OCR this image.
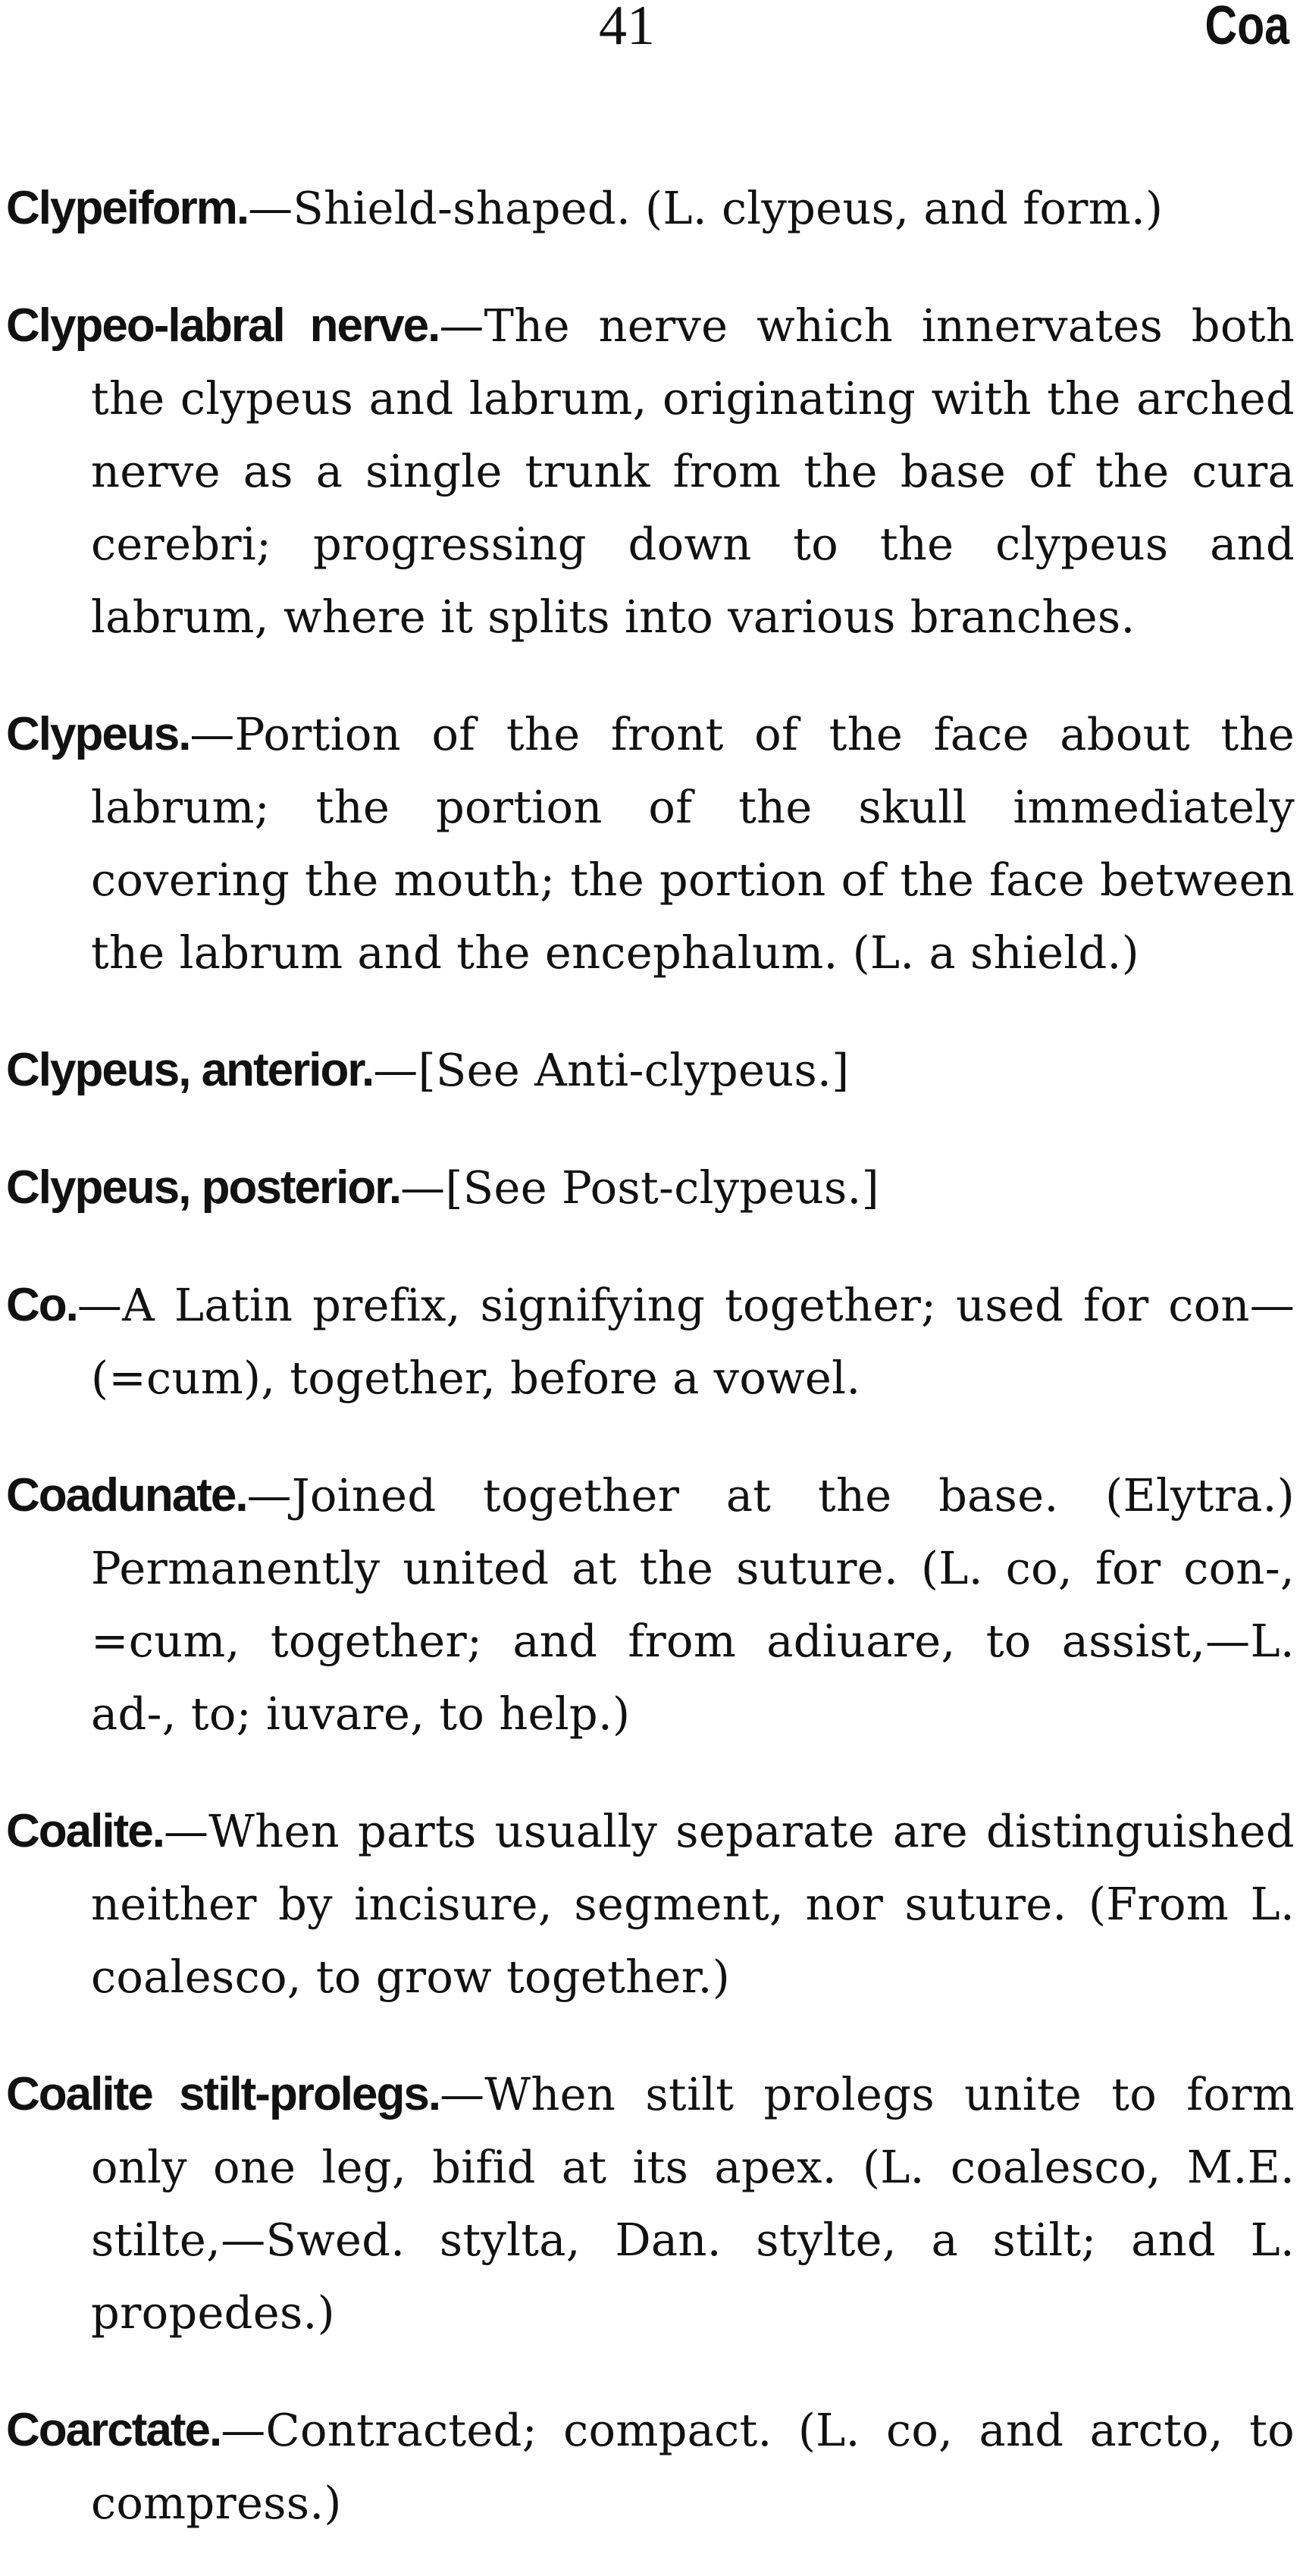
41	Coa

Clypeiform.—Shield-shaped. (L. clypeus, and form.)

Clypeo-labral nerve.—The nerve which innervates both the clypeus and labrum, originating with the arched nerve as a single trunk from the base of the cura cerebri; progressing down to the clypeus and labrum, where it splits into various branches.

Clypeus.—Portion of the front of the face about the labrum; the portion of the skull immediately covering the mouth; the portion of the face between the labrum and the encephalum. (L. a shield.)

Clypeus, anterior.—[See Anti-clypeus.]

Clypeus, posterior.—[See Post-clypeus.]

Co.—A Latin prefix, signifying together; used for con—(=cum), together, before a vowel.

Coadunate.—Joined together at the base. (Elytra.) Permanently united at the suture. (L. co, for con-, =cum, together; and from adiuare, to assist,—L. ad-, to; iuvare, to help.)

Coalite.—When parts usually separate are distinguished neither by incisure, segment, nor suture. (From L. coalesco, to grow together.)

Coalite stilt-prolegs.—When stilt prolegs unite to form only one leg, bifid at its apex. (L. coalesco, M.E. stilte,—Swed. stylta, Dan. stylte, a stilt; and L. propedes.)

Coarctate.—Contracted; compact. (L. co, and arcto, to compress.)
